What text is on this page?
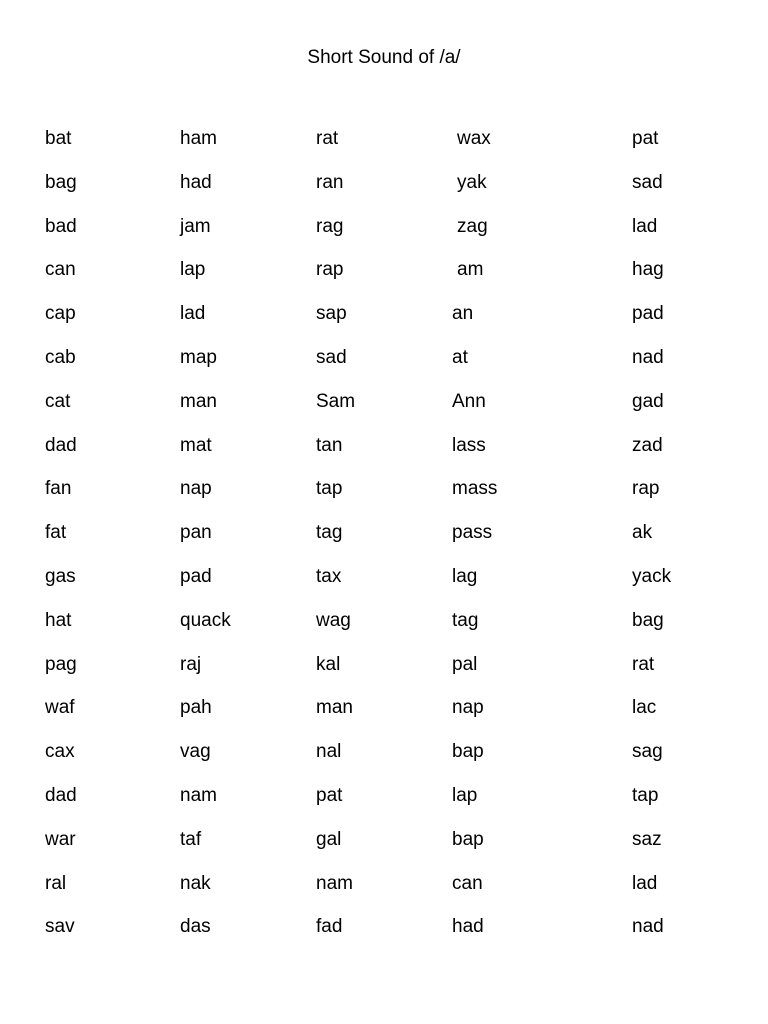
Short Sound of /a/
bat
bag
bad
can
cap
cab
cat
dad
fan
fat
gas
hat
pag
waf
cax
dad
war
ral
sav
ham
had
jam
lap
lad
map
man
mat
nap
pan
pad
quack
raj
pah
vag
nam
taf
nak
das
rat
ran
rag
rap
sap
sad
Sam
tan
tap
tag
tax
wag
kal
man
nal
pat
gal
nam
fad
wax
yak
zag
am
an
at
Ann
lass
mass
pass
lag
tag
pal
nap
bap
lap
bap
can
had
pat
sad
lad
hag
pad
nad
gad
zad
rap
ak
yack
bag
rat
lac
sag
tap
saz
lad
nad
